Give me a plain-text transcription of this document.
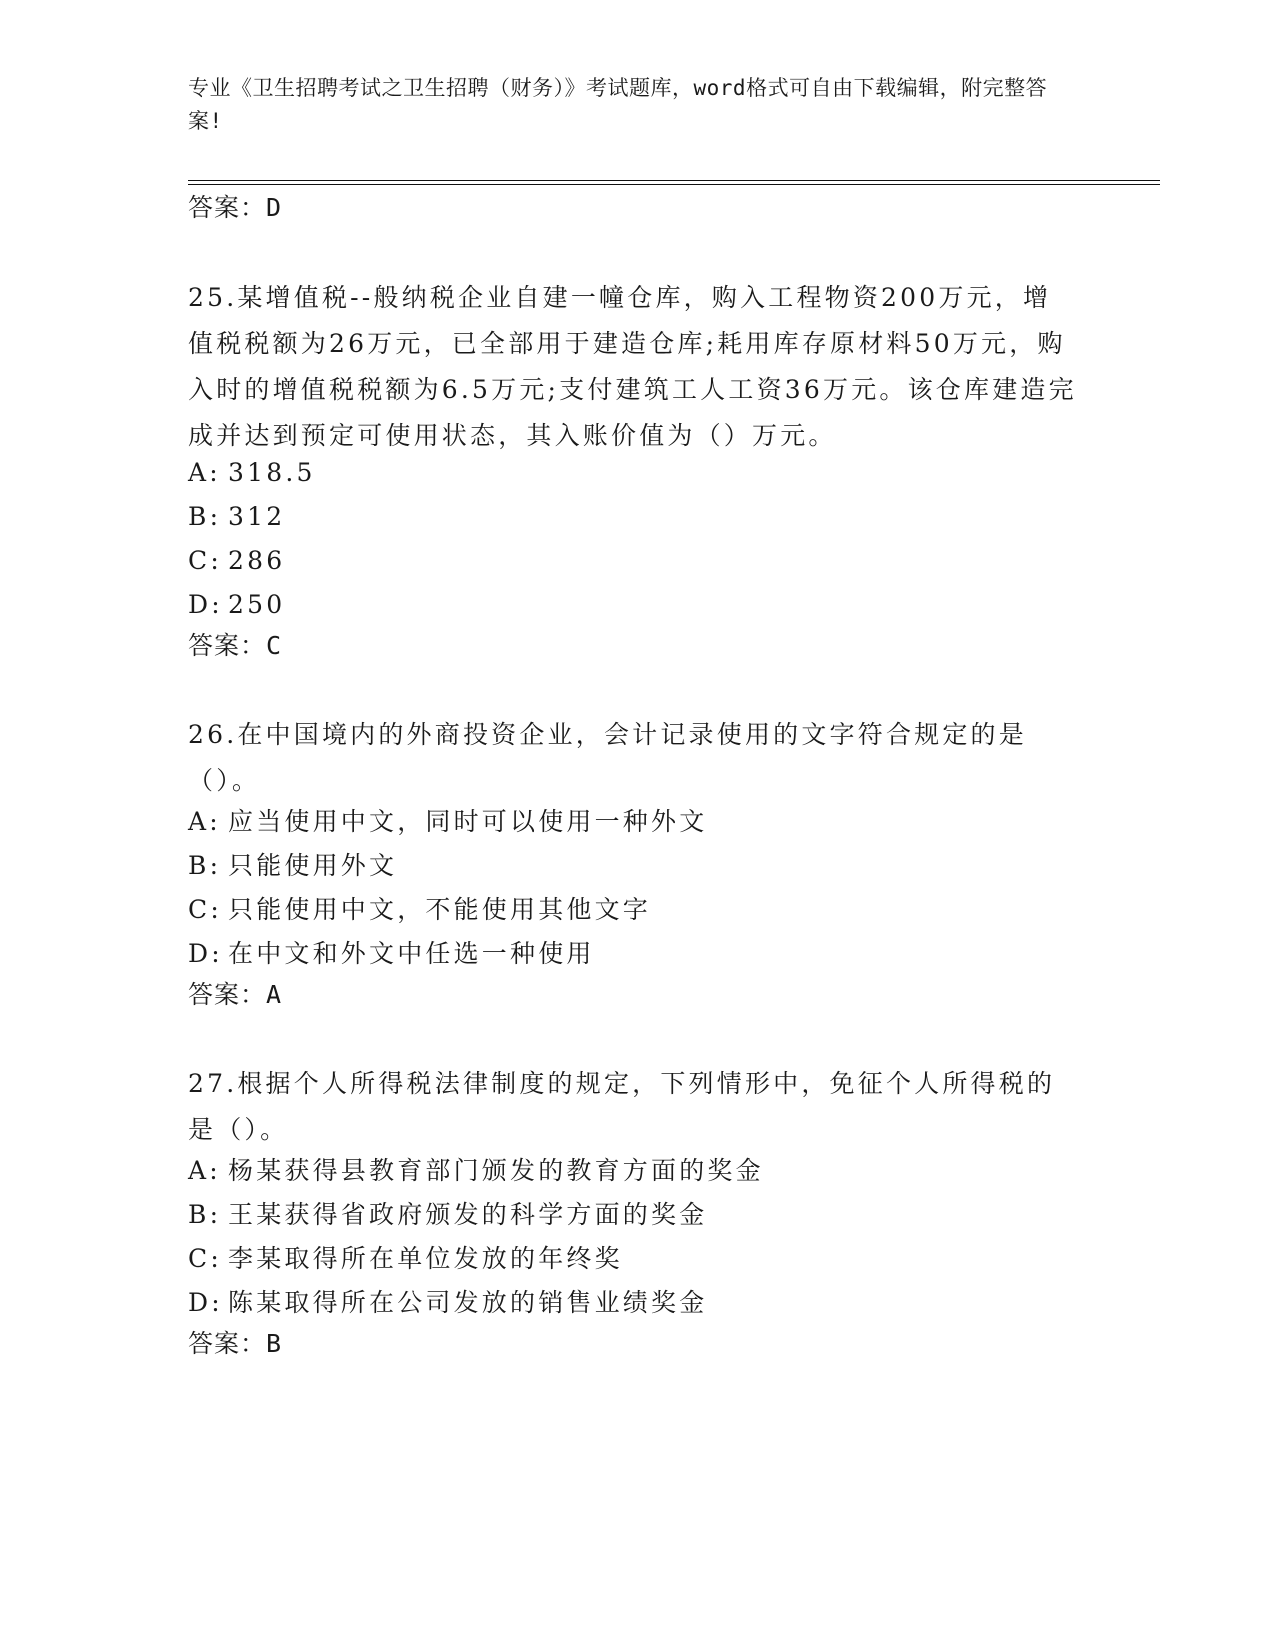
专业《卫生招聘考试之卫生招聘（财务）》考试题库，word格式可自由下载编辑，附完整答案!
答案：D
25.某增值税--般纳税企业自建一幢仓库，购入工程物资200万元，增值税税额为26万元，已全部用于建造仓库;耗用库存原材料50万元，购入时的增值税税额为6.5万元;支付建筑工人工资36万元。该仓库建造完成并达到预定可使用状态，其入账价值为（）万元。
A: 318.5
B: 312
C: 286
D: 250
答案：C
26.在中国境内的外商投资企业，会计记录使用的文字符合规定的是（）。
A: 应当使用中文，同时可以使用一种外文
B: 只能使用外文
C: 只能使用中文，不能使用其他文字
D: 在中文和外文中任选一种使用
答案：A
27.根据个人所得税法律制度的规定，下列情形中，免征个人所得税的是（）。
A: 杨某获得县教育部门颁发的教育方面的奖金
B: 王某获得省政府颁发的科学方面的奖金
C: 李某取得所在单位发放的年终奖
D: 陈某取得所在公司发放的销售业绩奖金
答案：B
